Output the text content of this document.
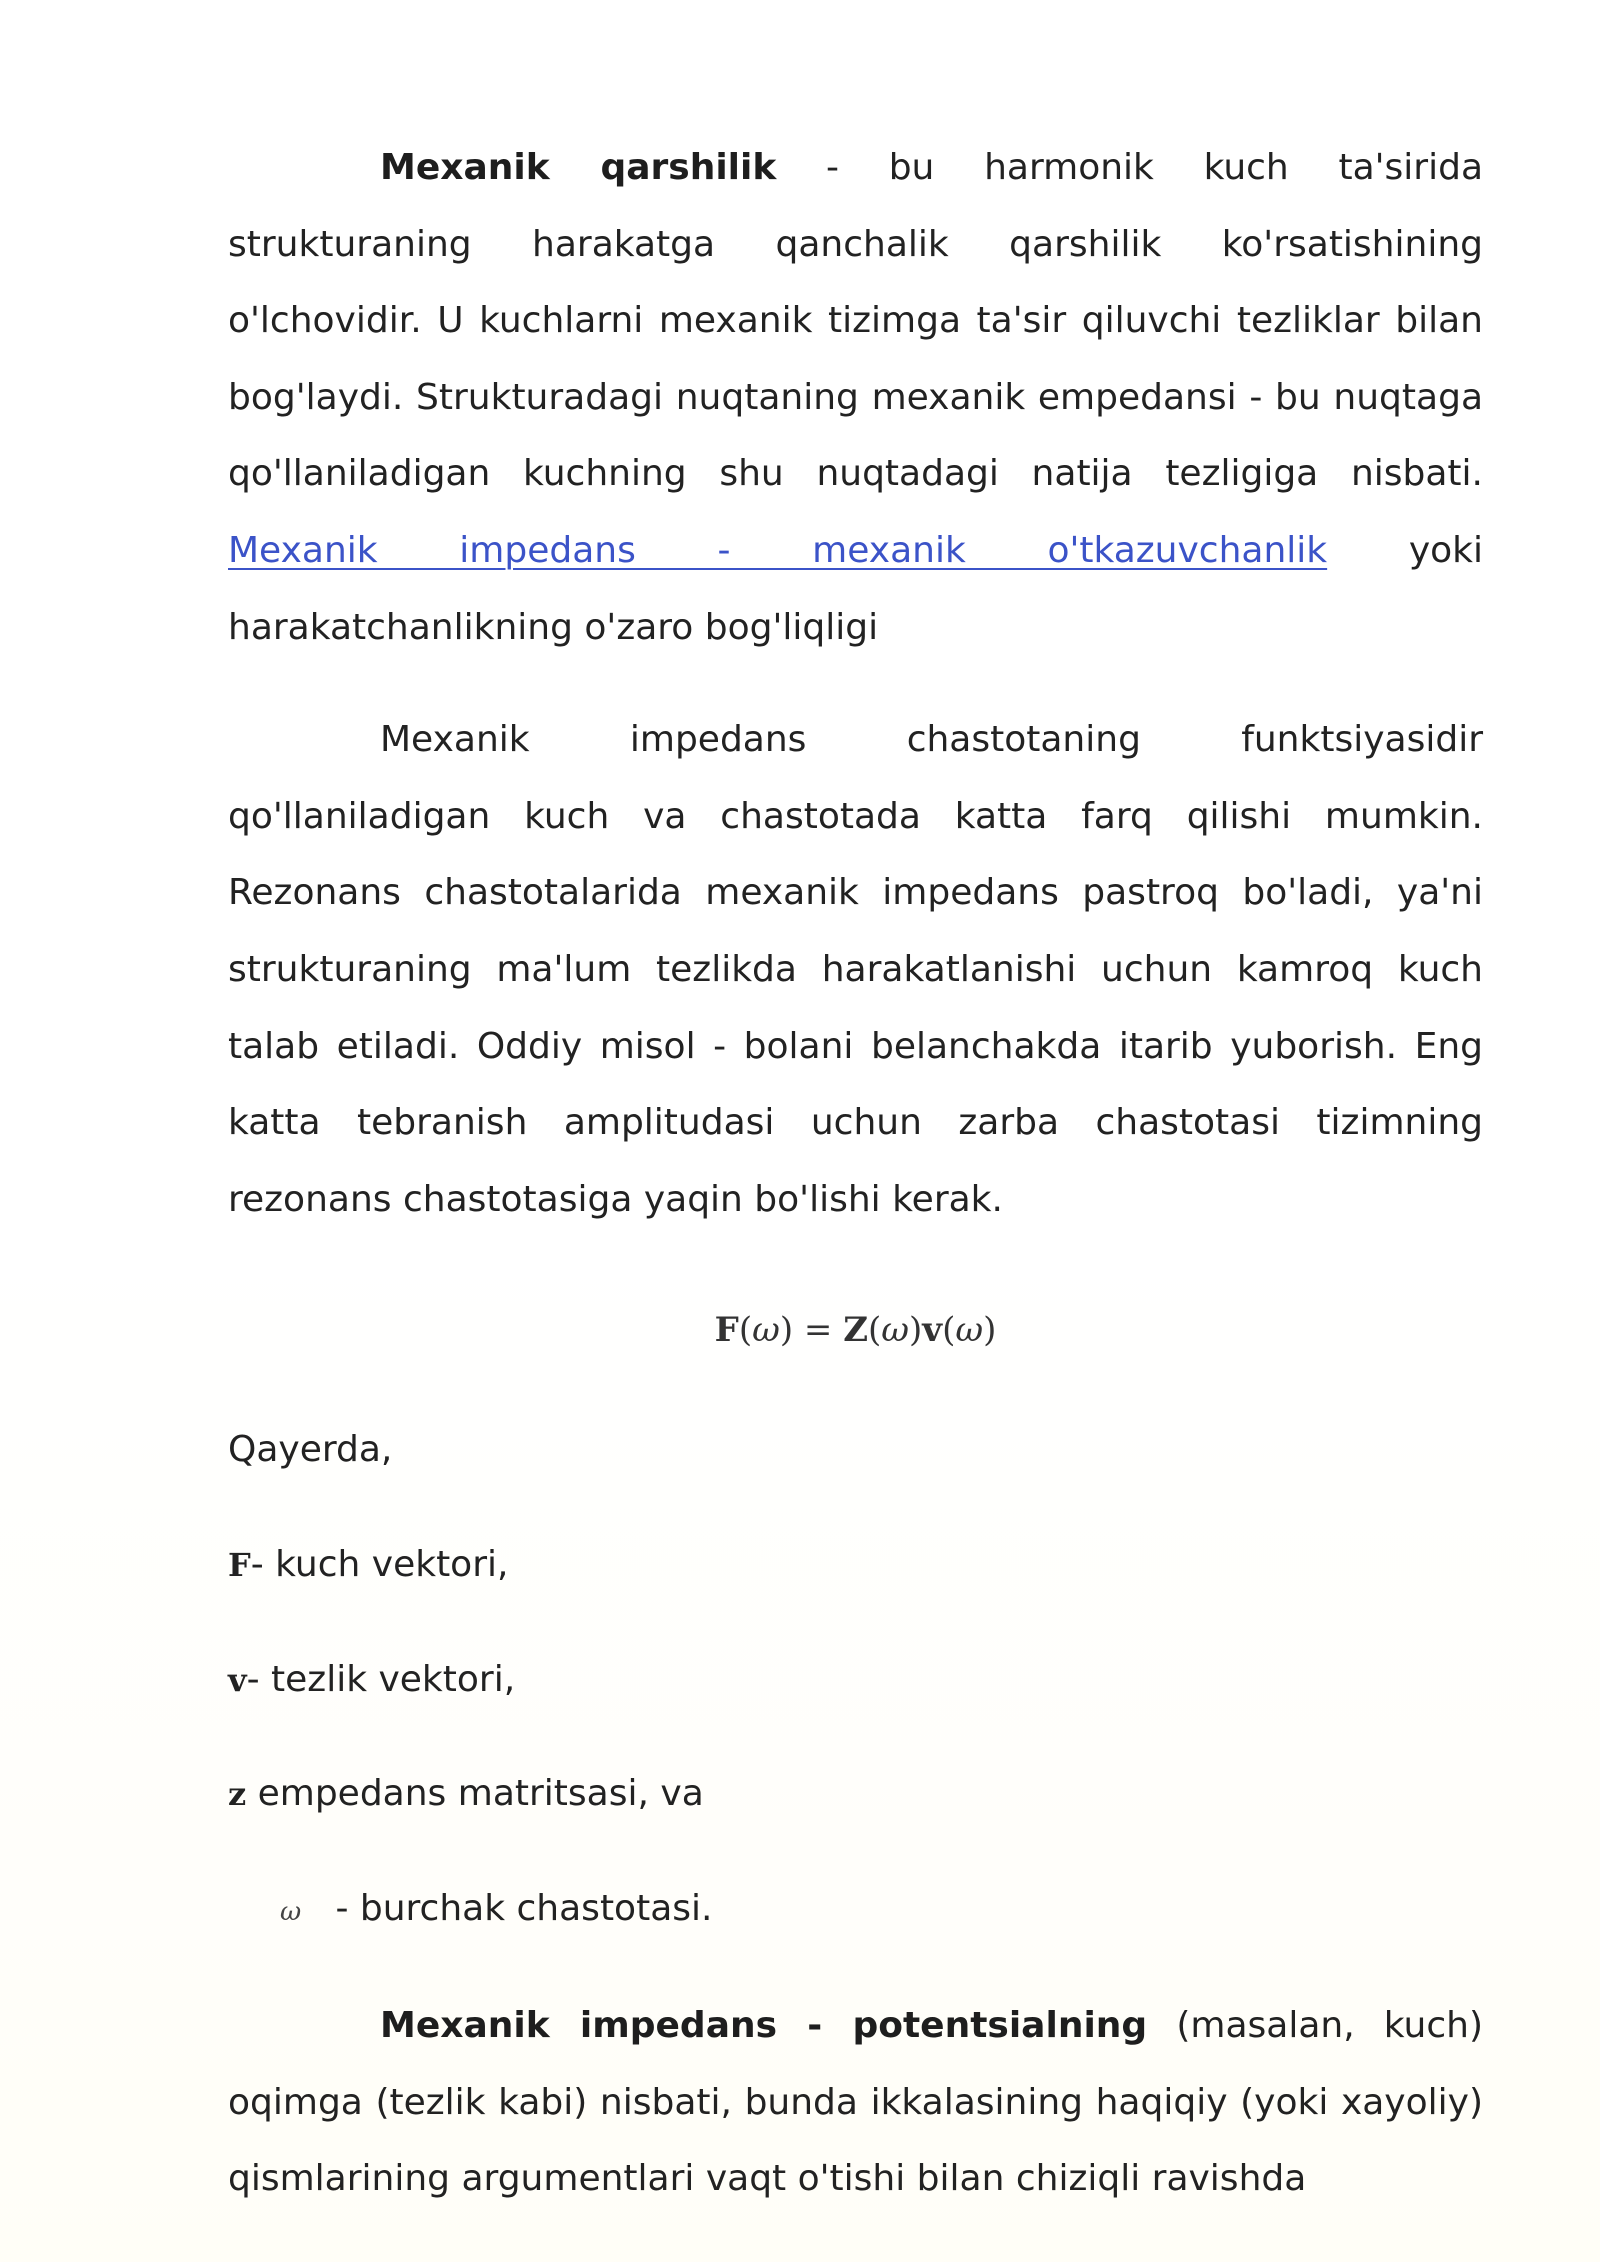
Mexanik qarshilik - bu harmonik kuch ta'sirida strukturaning harakatga qanchalik qarshilik ko'rsatishining o'lchovidir. U kuchlarni mexanik tizimga ta'sir qiluvchi tezliklar bilan bog'laydi. Strukturadagi nuqtaning mexanik empedansi - bu nuqtaga qo'llaniladigan kuchning shu nuqtadagi natija tezligiga nisbati. Mexanik impedans - mexanik o'tkazuvchanlik yoki harakatchanlikning o'zaro bog'liqligi

Mexanik impedans chastotaning funktsiyasidir qo'llaniladigan kuch va chastotada katta farq qilishi mumkin. Rezonans chastotalarida mexanik impedans pastroq bo'ladi, ya'ni strukturaning ma'lum tezlikda harakatlanishi uchun kamroq kuch talab etiladi. Oddiy misol - bolani belanchakda itarib yuborish. Eng katta tebranish amplitudasi uchun zarba chastotasi tizimning rezonans chastotasiga yaqin bo'lishi kerak.

F(ω) = Z(ω)v(ω)

Qayerda,

F- kuch vektori,

v- tezlik vektori,

z empedans matritsasi, va

ω - burchak chastotasi.

Mexanik impedans - potentsialning (masalan, kuch) oqimga (tezlik kabi) nisbati, bunda ikkalasining haqiqiy (yoki xayoliy) qismlarining argumentlari vaqt o'tishi bilan chiziqli ravishda
